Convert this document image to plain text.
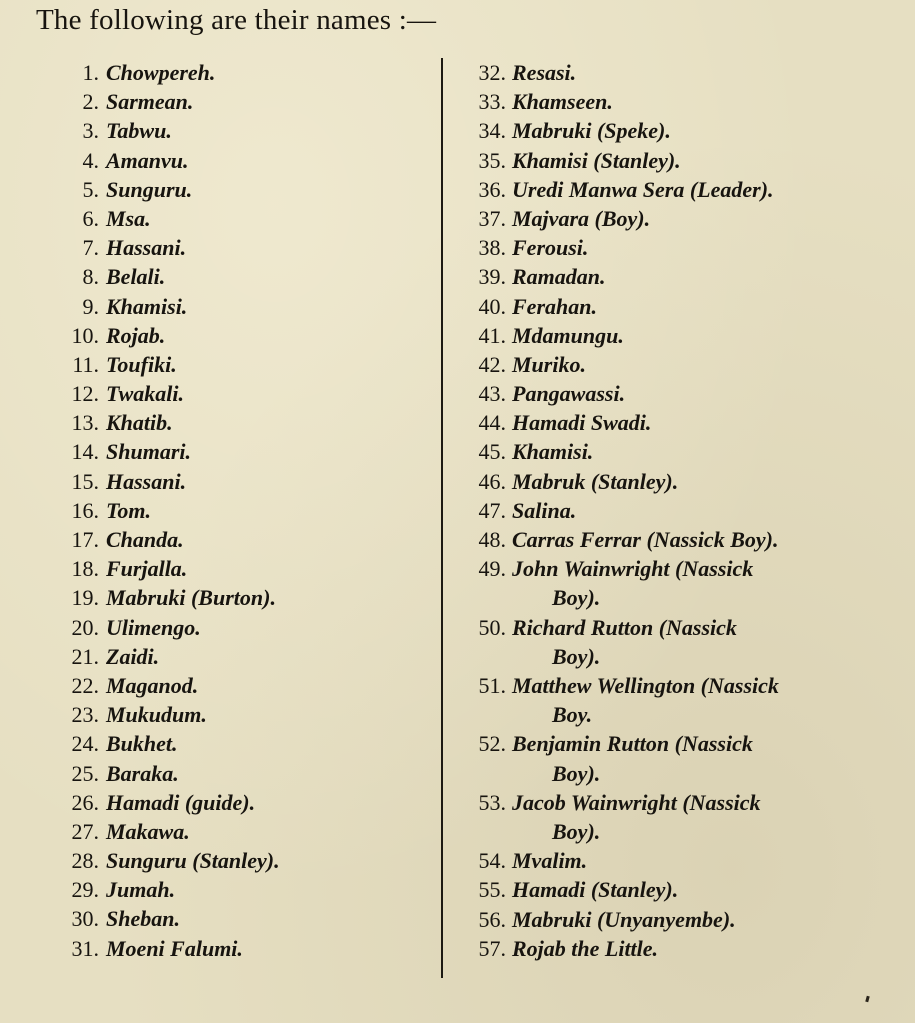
The following are their names :—
1. Chowpereh.
2. Sarmean.
3. Tabwu.
4. Amanvu.
5. Sunguru.
6. Msa.
7. Hassani.
8. Belali.
9. Khamisi.
10. Rojab.
11. Toufiki.
12. Twakali.
13. Khatib.
14. Shumari.
15. Hassani.
16. Tom.
17. Chanda.
18. Furjalla.
19. Mabruki (Burton).
20. Ulimengo.
21. Zaidi.
22. Maganod.
23. Mukudum.
24. Bukhet.
25. Baraka.
26. Hamadi (guide).
27. Makawa.
28. Sunguru (Stanley).
29. Jumah.
30. Sheban.
31. Moeni Falumi.
32. Resasi.
33. Khamseen.
34. Mabruki (Speke).
35. Khamisi (Stanley).
36. Uredi Manwa Sera (Leader).
37. Majvara (Boy).
38. Ferousi.
39. Ramadan.
40. Ferahan.
41. Mdamungu.
42. Muriko.
43. Pangawassi.
44. Hamadi Swadi.
45. Khamisi.
46. Mabruk (Stanley).
47. Salina.
48. Carras Ferrar (Nassick Boy).
49. John Wainwright (Nassick
Boy).
50. Richard Rutton (Nassick
Boy).
51. Matthew Wellington (Nassick
Boy.
52. Benjamin Rutton (Nassick
Boy).
53. Jacob Wainwright (Nassick
Boy).
54. Mvalim.
55. Hamadi (Stanley).
56. Mabruki (Unyanyembe).
57. Rojab the Little.
